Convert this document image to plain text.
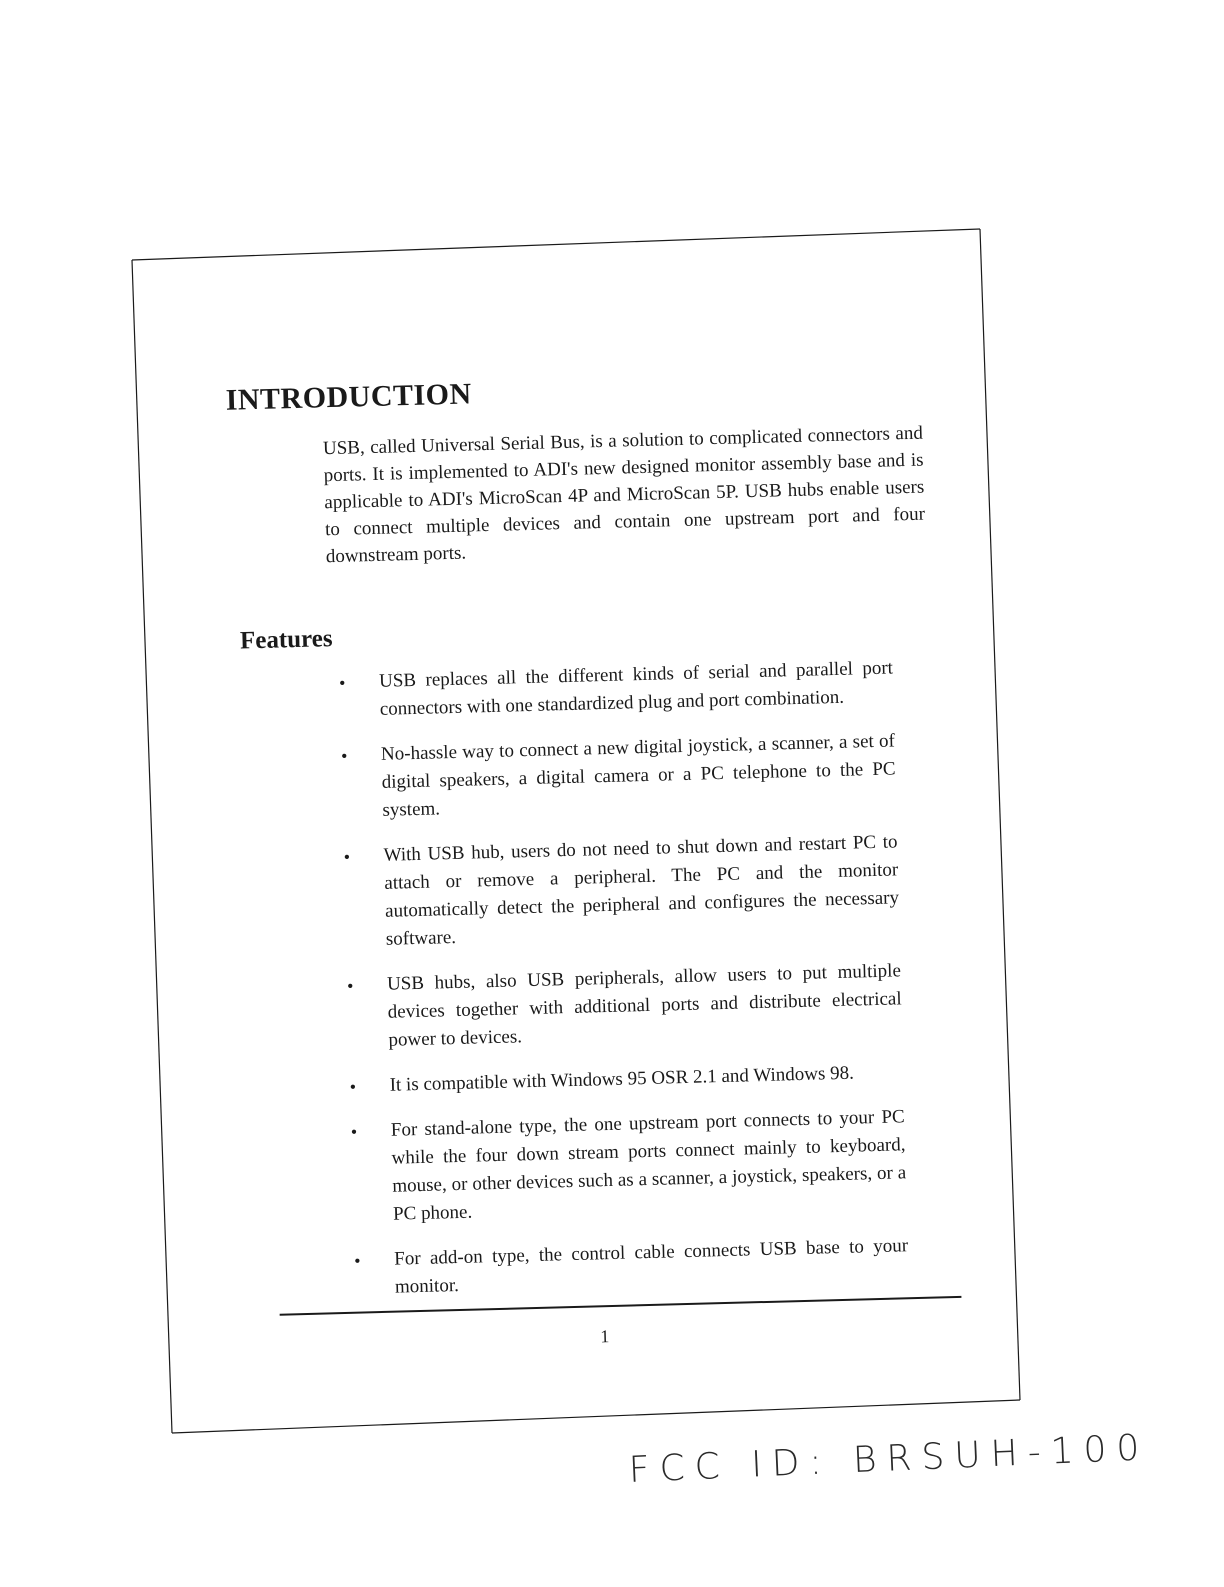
INTRODUCTION

USB, called Universal Serial Bus, is a solution to complicated connectors and ports. It is implemented to ADI's new designed monitor assembly base and is applicable to ADI's MicroScan 4P and MicroScan 5P. USB hubs enable users to connect multiple devices and contain one upstream port and four downstream ports.

Features
• USB replaces all the different kinds of serial and parallel port connectors with one standardized plug and port combination.
• No-hassle way to connect a new digital joystick, a scanner, a set of digital speakers, a digital camera or a PC telephone to the PC system.
• With USB hub, users do not need to shut down and restart PC to attach or remove a peripheral. The PC and the monitor automatically detect the peripheral and configures the necessary software.
• USB hubs, also USB peripherals, allow users to put multiple devices together with additional ports and distribute electrical power to devices.
• It is compatible with Windows 95 OSR 2.1 and Windows 98.
• For stand-alone type, the one upstream port connects to your PC while the four down stream ports connect mainly to keyboard, mouse, or other devices such as a scanner, a joystick, speakers, or a PC phone.
• For add-on type, the control cable connects USB base to your monitor.
1
FCC ID: BRSUH-100
